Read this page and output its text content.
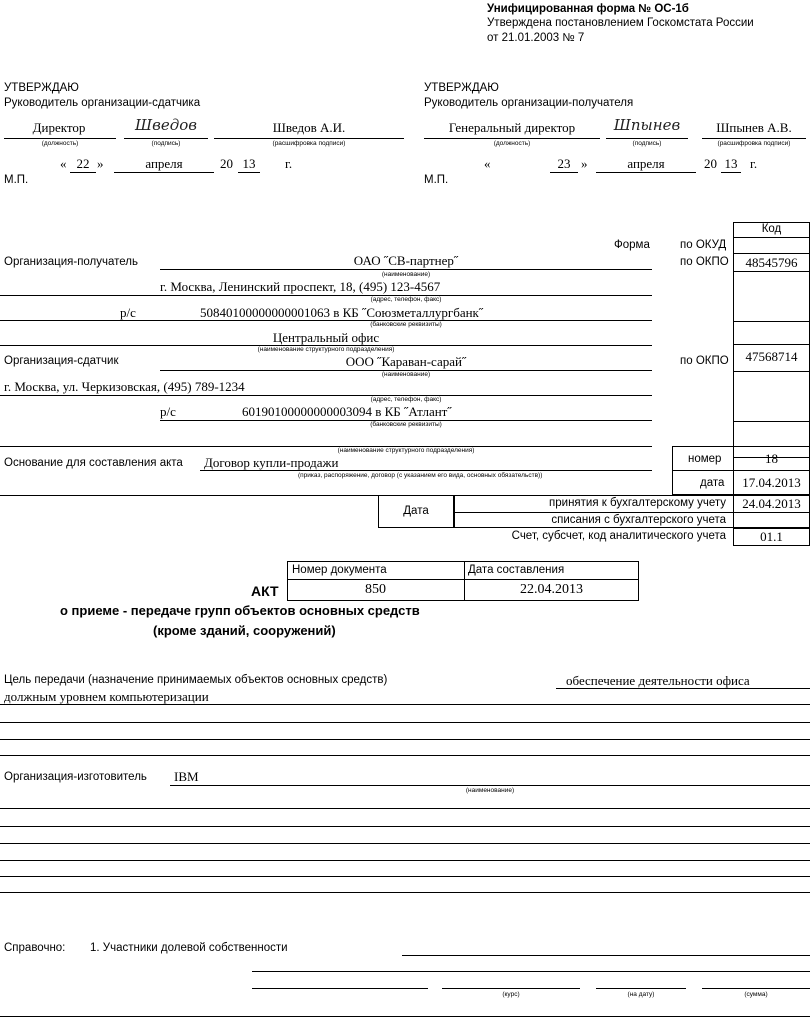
Унифицированная форма № ОС-1б
Утверждена постановлением Госкомстата России
от 21.01.2003 № 7
УТВЕРЖДАЮ
Руководитель организации-сдатчика
Директор
(должность)
Шведов
(подпись)
Шведов А.И.
(расшифровка подписи)
« 22 »	апреля	20 13	г.
М.П.
УТВЕРЖДАЮ
Руководитель организации-получателя
Генеральный директор
(должность)
Шпынев
(подпись)
Шпынев А.В.
(расшифровка подписи)
«	23 »	апреля	20 13 г.
М.П.
Код
Форма	по ОКУД
по ОКПО	48545796
по ОКПО	47568714
номер	18
дата	17.04.2013
Организация-получатель	ОАО ˝СВ-партнер˝
(наименование)
г. Москва, Ленинский проспект, 18, (495) 123-4567
(адрес, телефон, факс)
р/с	50840100000000001063 в КБ ˝Союзметаллургбанк˝
(банковские реквизиты)
Центральный офис
(наименование структурного подразделения)
Организация-сдатчик	ООО ˝Караван-сарай˝
(наименование)
г. Москва, ул. Черкизовская, (495) 789-1234
(адрес, телефон, факс)
р/с	60190100000000003094 в КБ ˝Атлант˝
(банковские реквизиты)
(наименование структурного подразделения)
Основание для составления акта Договор купли-продажи
(приказ, распоряжение, договор (с указанием его вида, основных обязательств))
Дата
принятия к бухгалтерскому учету	24.04.2013
списания с бухгалтерского учета
Счет, субсчет, код аналитического учета	01.1
Номер документа	Дата составления
850	22.04.2013
АКТ
о приеме - передаче групп объектов основных средств
(кроме зданий, сооружений)
Цель передачи (назначение принимаемых объектов основных средств)	обеспечение деятельности офиса
должным уровнем компьютеризации
Организация-изготовитель IBM
(наименование)
Справочно: 1. Участники долевой собственности
(курс)	(на дату)	(сумма)
